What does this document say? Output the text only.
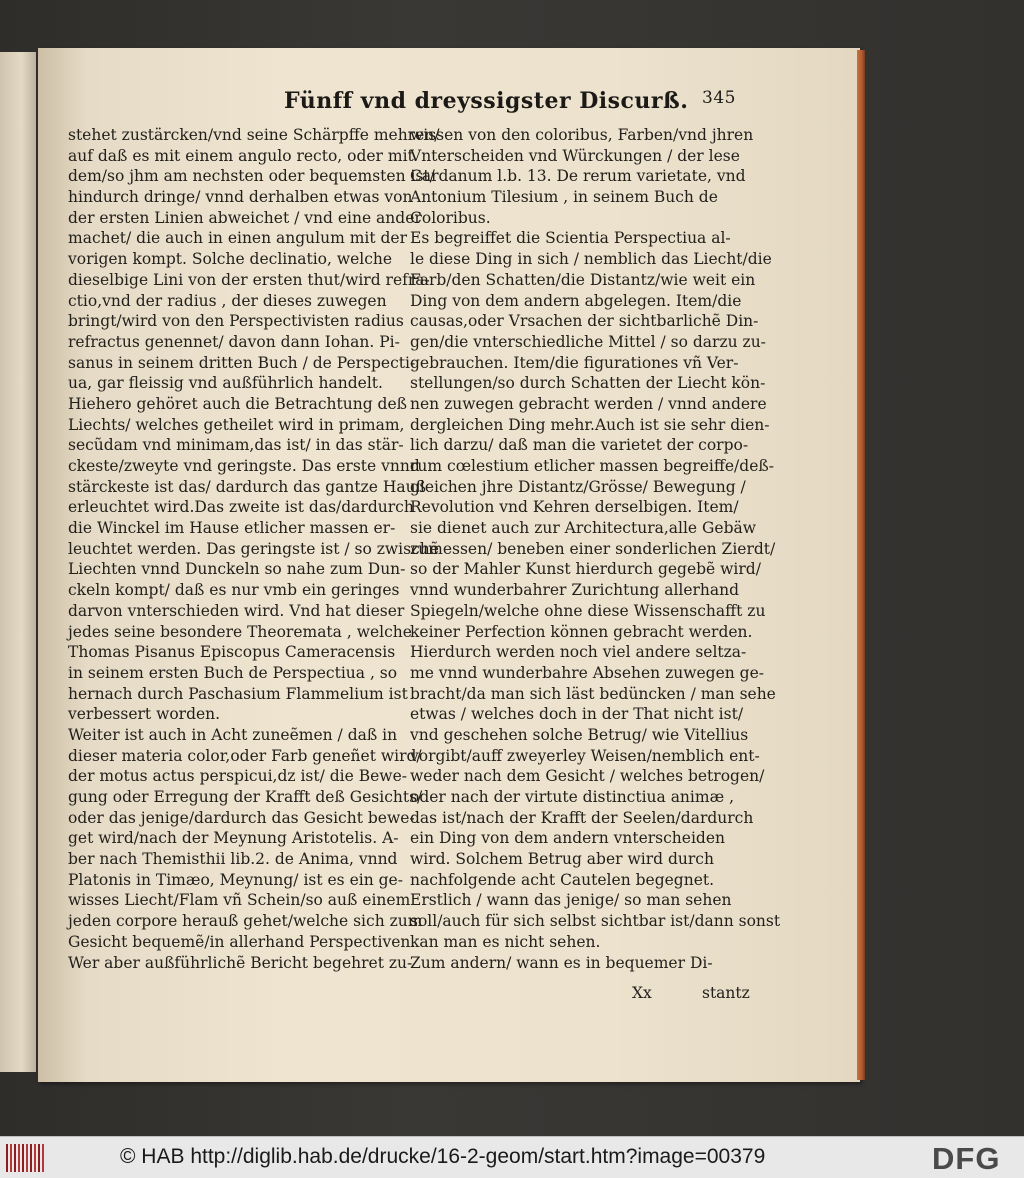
Fünff vnd dreyssigster Discurß. 345
stehet zustärcken/vnd seine Schärpffe mehren/
auf daß es mit einem angulo recto, oder mit
dem/so jhm am nechsten oder bequemsten ist/
hindurch dringe/ vnnd derhalben etwas von
der ersten Linien abweichet / vnd eine ander
machet/ die auch in einen angulum mit der
vorigen kompt. Solche declinatio, welche
dieselbige Lini von der ersten thut/wird refra-
ctio,vnd der radius , der dieses zuwegen
bringt/wird von den Perspectivisten radius
refractus genennet/ davon dann Iohan. Pi-
sanus in seinem dritten Buch / de Perspecti-
ua, gar fleissig vnd außführlich handelt.
Hiehero gehöret auch die Betrachtung deß
Liechts/ welches getheilet wird in primam,
secũdam vnd minimam,das ist/ in das stär-
ckeste/zweyte vnd geringste. Das erste vnnd
stärckeste ist das/ dardurch das gantze Hauß
erleuchtet wird.Das zweite ist das/dardurch
die Winckel im Hause etlicher massen er-
leuchtet werden. Das geringste ist / so zwischẽ
Liechten vnnd Dunckeln so nahe zum Dun-
ckeln kompt/ daß es nur vmb ein geringes
darvon vnterschieden wird. Vnd hat dieser
jedes seine besondere Theoremata , welche
Thomas Pisanus Episcopus Cameracensis
in seinem ersten Buch de Perspectiua , so
hernach durch Paschasium Flammelium ist
verbessert worden.
Weiter ist auch in Acht zuneẽmen / daß in
dieser materia color,oder Farb geneñet wird/
der motus actus perspicui,dz ist/ die Bewe-
gung oder Erregung der Krafft deß Gesichts/
oder das jenige/dardurch das Gesicht bewe-
get wird/nach der Meynung Aristotelis. A-
ber nach Themisthii lib.2. de Anima, vnnd
Platonis in Timæo, Meynung/ ist es ein ge-
wisses Liecht/Flam vñ Schein/so auß einem
jeden corpore herauß gehet/welche sich zum
Gesicht bequemẽ/in allerhand Perspectiven.
Wer aber außführlichẽ Bericht begehret zu-
wissen von den coloribus, Farben/vnd jhren
Vnterscheiden vnd Würckungen / der lese
Cardanum l.b. 13. De rerum varietate, vnd
Antonium Tilesium , in seinem Buch de
Coloribus.
Es begreiffet die Scientia Perspectiua al-
le diese Ding in sich / nemblich das Liecht/die
Farb/den Schatten/die Distantz/wie weit ein
Ding von dem andern abgelegen. Item/die
causas,oder Vrsachen der sichtbarlichẽ Din-
gen/die vnterschiedliche Mittel / so darzu zu-
gebrauchen. Item/die figurationes vñ Ver-
stellungen/so durch Schatten der Liecht kön-
nen zuwegen gebracht werden / vnnd andere
dergleichen Ding mehr.Auch ist sie sehr dien-
lich darzu/ daß man die varietet der corpo-
rum cœlestium etlicher massen begreiffe/deß-
gleichen jhre Distantz/Grösse/ Bewegung /
Revolution vnd Kehren derselbigen. Item/
sie dienet auch zur Architectura,alle Gebäw
zumessen/ beneben einer sonderlichen Zierdt/
so der Mahler Kunst hierdurch gegebẽ wird/
vnnd wunderbahrer Zurichtung allerhand
Spiegeln/welche ohne diese Wissenschafft zu
keiner Perfection können gebracht werden.
Hierdurch werden noch viel andere seltza-
me vnnd wunderbahre Absehen zuwegen ge-
bracht/da man sich läst bedüncken / man sehe
etwas / welches doch in der That nicht ist/
vnd geschehen solche Betrug/ wie Vitellius
vorgibt/auff zweyerley Weisen/nemblich ent-
weder nach dem Gesicht / welches betrogen/
oder nach der virtute distinctiua animæ ,
das ist/nach der Krafft der Seelen/dardurch
ein Ding von dem andern vnterscheiden
wird. Solchem Betrug aber wird durch
nachfolgende acht Cautelen begegnet.
Erstlich / wann das jenige/ so man sehen
soll/auch für sich selbst sichtbar ist/dann sonst
kan man es nicht sehen.
Zum andern/ wann es in bequemer Di-
Xx	stantz
© HAB http://diglib.hab.de/drucke/16-2-geom/start.htm?image=00379	DFG
